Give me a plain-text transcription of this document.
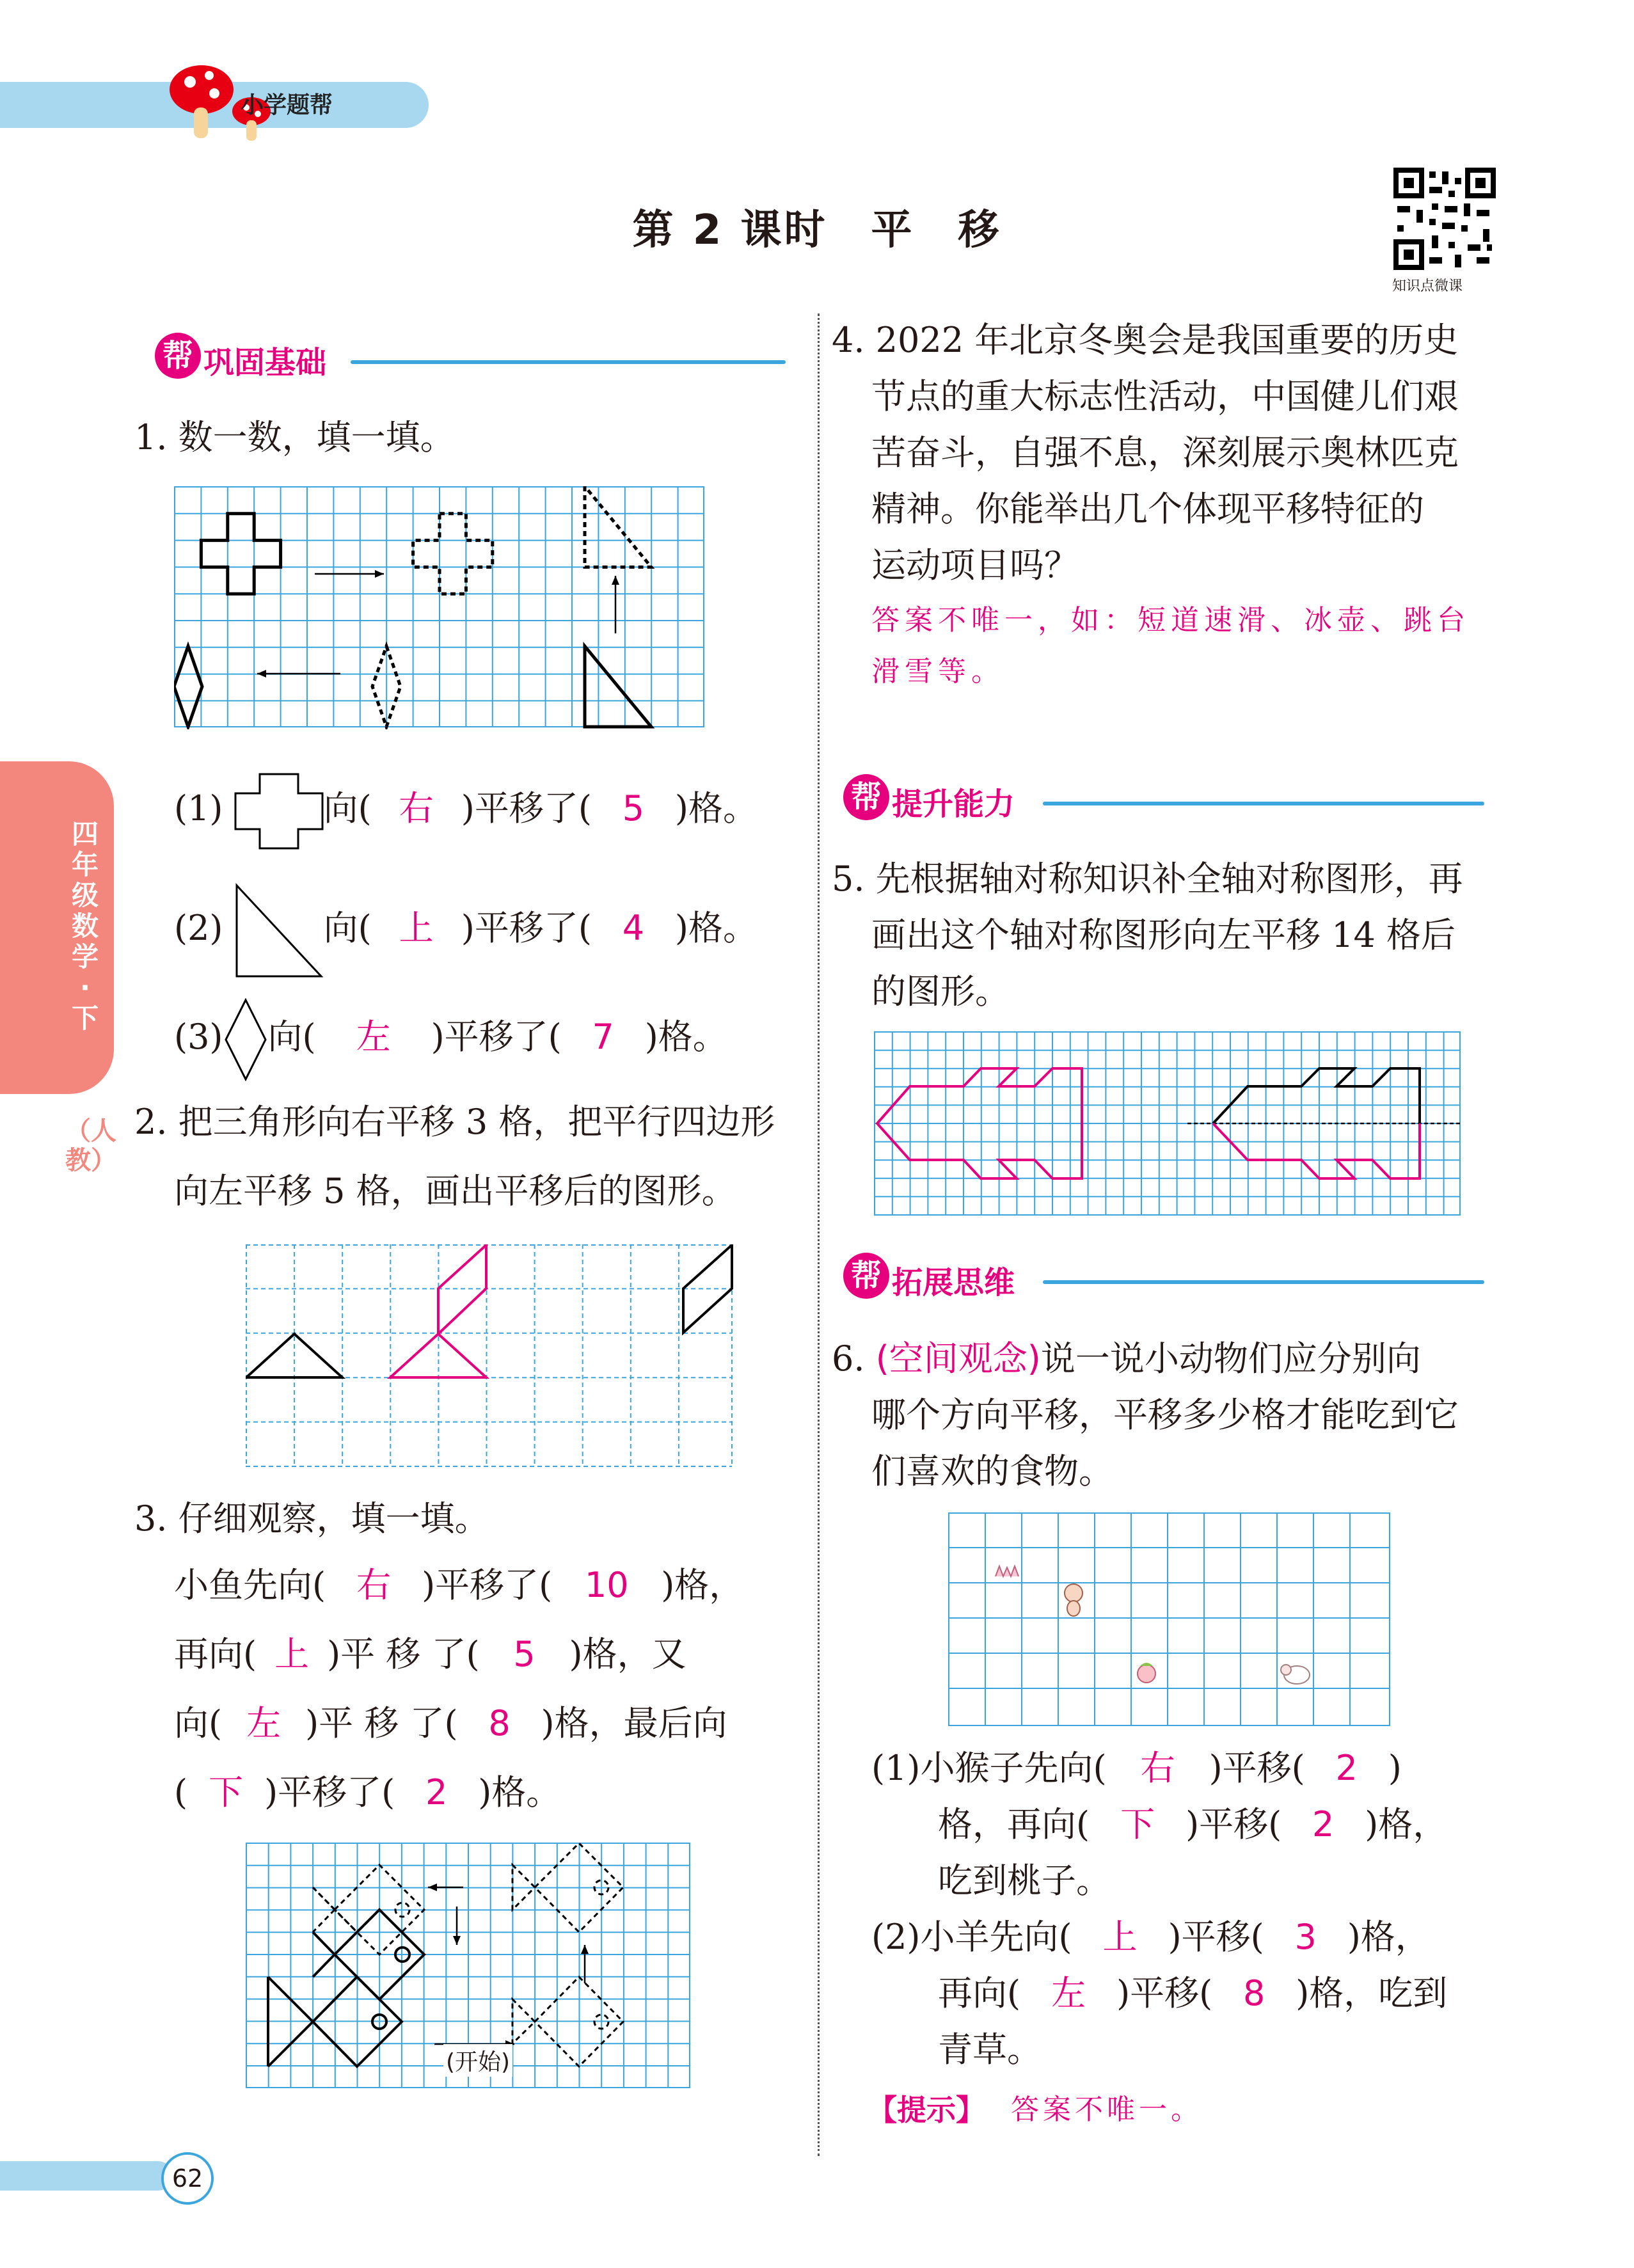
小学题帮
第 2 课时　平　移
知识点微课
四年级数学·下
（人教）
帮 巩固基础
1. 数一数，填一填。
(1)	向( 右 )平移了( 5 )格。
(2)	向( 上 )平移了( 4 )格。
(3) 向( 左 )平移了( 7 )格。
2. 把三角形向右平移 3 格，把平行四边形
向左平移 5 格，画出平移后的图形。
3. 仔细观察，填一填。
小鱼先向( 右 )平移了( 10 )格，
再向( 上 )平 移 了( 5 )格，又
向( 左 )平 移 了( 8 )格，最后向
( 下 )平移了( 2 )格。
(开始)
4. 2022 年北京冬奥会是我国重要的历史
节点的重大标志性活动，中国健儿们艰
苦奋斗，自强不息，深刻展示奥林匹克
精神。你能举出几个体现平移特征的
运动项目吗？
答案不唯一，如：短道速滑、冰壶、跳台
滑雪等。
帮 提升能力
5. 先根据轴对称知识补全轴对称图形，再
画出这个轴对称图形向左平移 14 格后
的图形。
帮 拓展思维
6. (空间观念)说一说小动物们应分别向
哪个方向平移，平移多少格才能吃到它
们喜欢的食物。
(1)小猴子先向( 右 )平移( 2 )
格，再向( 下 )平移( 2 )格，
吃到桃子。
(2)小羊先向( 上 )平移( 3 )格，
再向( 左 )平移( 8 )格，吃到
青草。
【提示】 答案不唯一。
62
